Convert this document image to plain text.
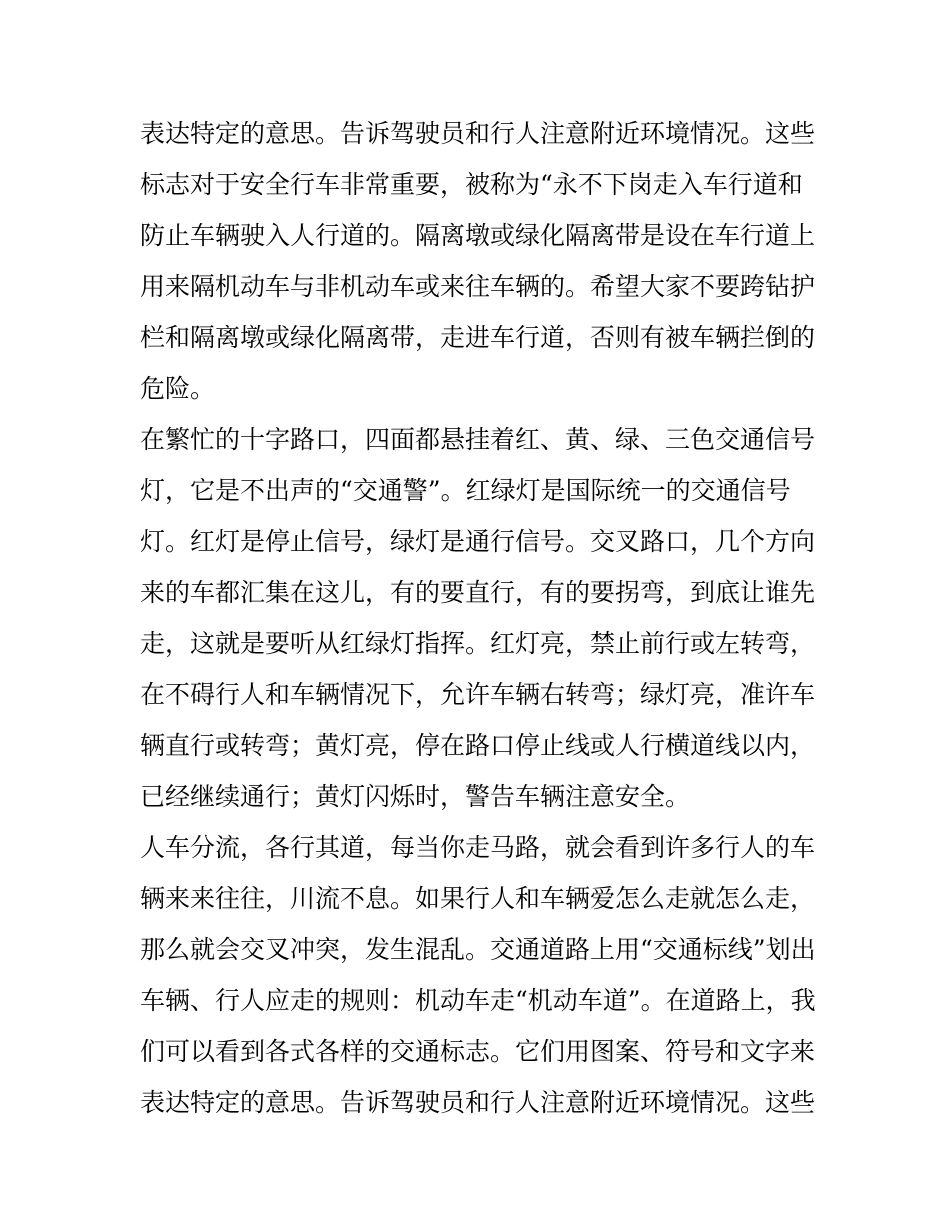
表达特定的意思。告诉驾驶员和行人注意附近环境情况。这些
标志对于安全行车非常重要，被称为“永不下岗走入车行道和
防止车辆驶入人行道的。隔离墩或绿化隔离带是设在车行道上
用来隔机动车与非机动车或来往车辆的。希望大家不要跨钻护
栏和隔离墩或绿化隔离带，走进车行道，否则有被车辆拦倒的
危险。
在繁忙的十字路口，四面都悬挂着红、黄、绿、三色交通信号
灯，它是不出声的“交通警”。红绿灯是国际统一的交通信号
灯。红灯是停止信号，绿灯是通行信号。交叉路口，几个方向
来的车都汇集在这儿，有的要直行，有的要拐弯，到底让谁先
走，这就是要听从红绿灯指挥。红灯亮，禁止前行或左转弯，
在不碍行人和车辆情况下，允许车辆右转弯；绿灯亮，准许车
辆直行或转弯；黄灯亮，停在路口停止线或人行横道线以内，
已经继续通行；黄灯闪烁时，警告车辆注意安全。
人车分流，各行其道，每当你走马路，就会看到许多行人的车
辆来来往往，川流不息。如果行人和车辆爱怎么走就怎么走，
那么就会交叉冲突，发生混乱。交通道路上用“交通标线”划出
车辆、行人应走的规则：机动车走“机动车道”。在道路上，我
们可以看到各式各样的交通标志。它们用图案、符号和文字来
表达特定的意思。告诉驾驶员和行人注意附近环境情况。这些
